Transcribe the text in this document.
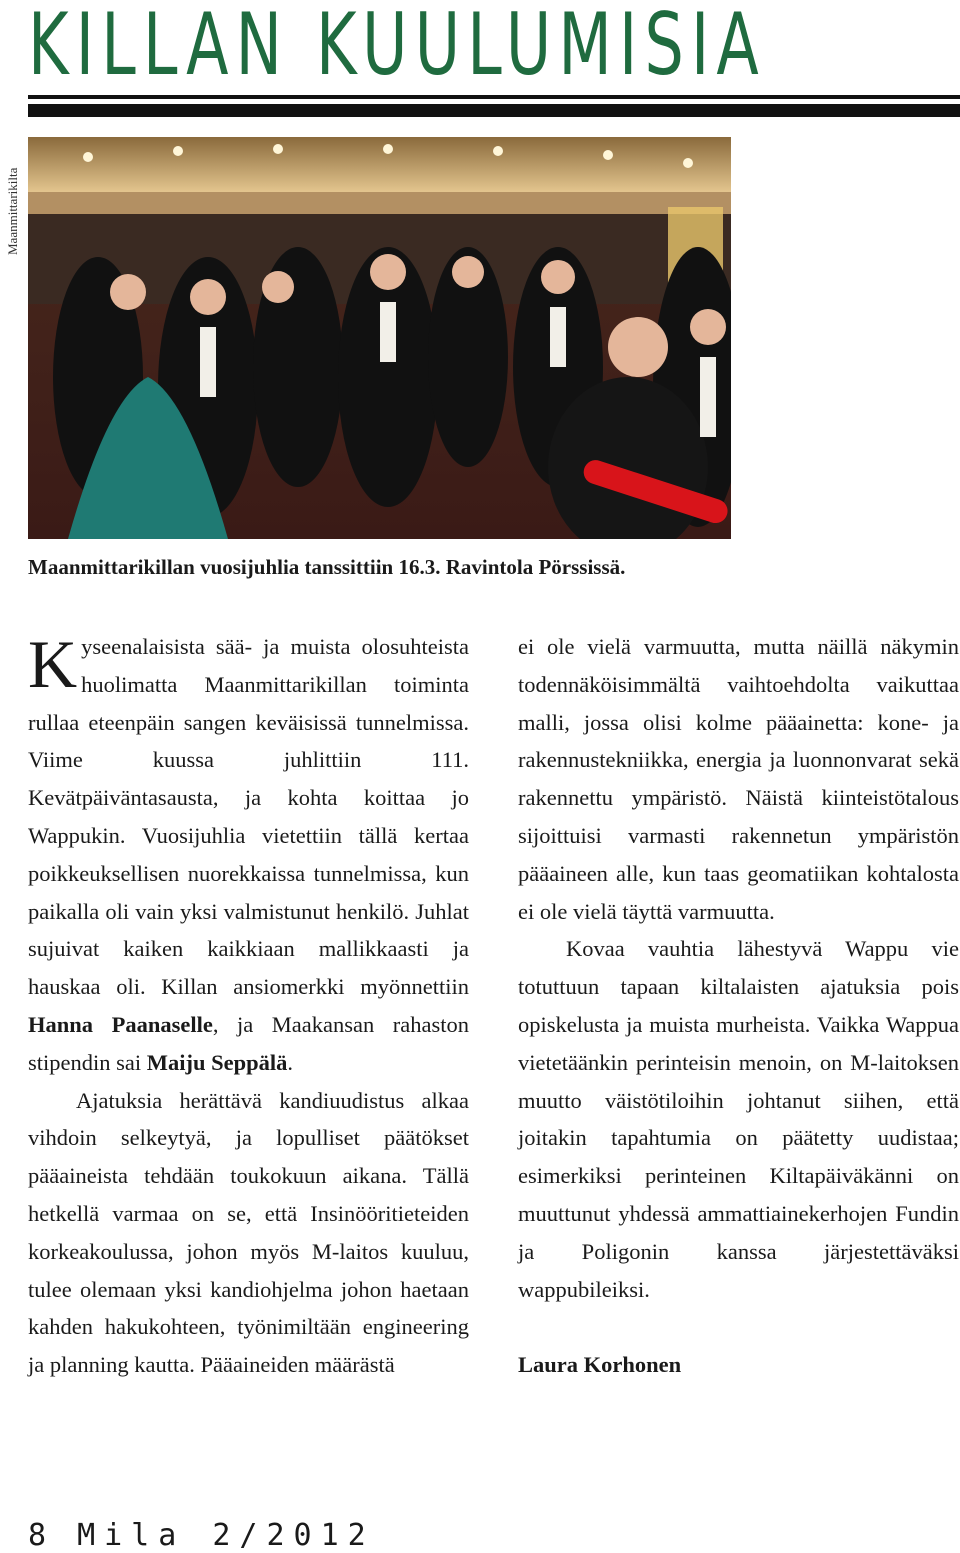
KILLAN KUULUMISIA
Maanmittarikilta
Maanmittarikillan vuosijuhlia tanssittiin 16.3. Ravintola Pörssissä.

Kyseenalaisista sää- ja muista olosuhteista huolimatta Maanmittarikillan toiminta rullaa eteenpäin sangen keväisissä tunnelmissa. Viime kuussa juhlittiin 111. Kevätpäiväntasausta, ja kohta koittaa jo Wappukin. Vuosijuhlia vietettiin tällä kertaa poikkeuksellisen nuorekkaissa tunnelmissa, kun paikalla oli vain yksi valmistunut henkilö. Juhlat sujuivat kaiken kaikkiaan mallikkaasti ja hauskaa oli. Killan ansiomerkki myönnettiin Hanna Paanaselle, ja Maakansan rahaston stipendin sai Maiju Seppälä.

Ajatuksia herättävä kandiuudistus alkaa vihdoin selkeytyä, ja lopulliset päätökset pääaineista tehdään toukokuun aikana. Tällä hetkellä varmaa on se, että Insinööritieteiden korkeakoulussa, johon myös M-laitos kuuluu, tulee olemaan yksi kandiohjelma johon haetaan kahden hakukohteen, työnimiltään engineering ja planning kautta. Pääaineiden määrästä

ei ole vielä varmuutta, mutta näillä näkymin todennäköisimmältä vaihtoehdolta vaikuttaa malli, jossa olisi kolme pääainetta: kone- ja rakennustekniikka, energia ja luonnonvarat sekä rakennettu ympäristö. Näistä kiinteistötalous sijoittuisi varmasti rakennetun ympäristön pääaineen alle, kun taas geomatiikan kohtalosta ei ole vielä täyttä varmuutta.

Kovaa vauhtia lähestyvä Wappu vie totuttuun tapaan kiltalaisten ajatuksia pois opiskelusta ja muista murheista. Vaikka Wappua vietetäänkin perinteisin menoin, on M-laitoksen muutto väistötiloihin johtanut siihen, että joitakin tapahtumia on päätetty uudistaa; esimerkiksi perinteinen Kiltapäiväkänni on muuttunut yhdessä ammattiainekerhojen Fundin ja Poligonin kanssa järjestettäväksi wappubileiksi.

Laura Korhonen

8 Mila 2/2012
